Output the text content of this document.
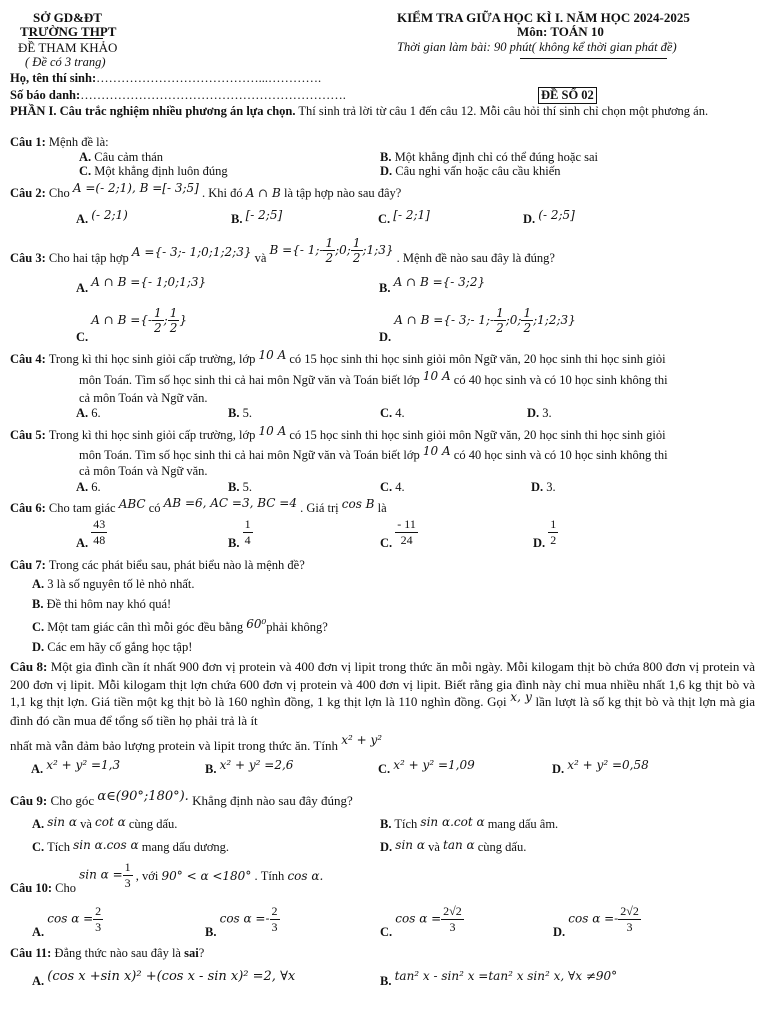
SỞ GD&ĐT
TRƯỜNG THPT
ĐỀ THAM KHẢO
( Đề có 3 trang)
KIỂM TRA GIỮA HỌC KÌ I. NĂM HỌC 2024-2025
Môn: TOÁN 10
Thời gian làm bài: 90 phút( không kể thời gian phát đề)
Họ, tên thí sinh:…………………………………...………….
Số báo danh:……………………………………………………….	ĐỀ SỐ 02
PHẦN I. Câu trắc nghiệm nhiều phương án lựa chọn. Thí sinh trả lời từ câu 1 đến câu 12. Mỗi câu hỏi thí sinh chỉ chọn một phương án.
Câu 1: Mệnh đề là:
A. Câu cảm thán	B. Một khẳng định chỉ có thể đúng hoặc sai
C. Một khẳng định luôn đúng	D. Câu nghi vấn hoặc câu cầu khiến
Câu 2: Cho A =(- 2;1), B =[- 3;5] . Khi đó A ∩ B là tập hợp nào sau đây?
A. (- 2;1)	B. [- 2;5]	C. [- 2;1]	D. (- 2;5]
Câu 3: Cho hai tập hợp A ={- 3;- 1;0;1;2;3} và B ={- 1;- $\frac{1}{2}$ ;0; $\frac{1}{2}$ ;1;3} . Mệnh đề nào sau đây là đúng?
A. A ∩ B ={- 1;0;1;3}	B. A ∩ B ={- 3;2}
C. A ∩ B ={- $\frac{1}{2}$ ; $\frac{1}{2}$ }
D. A ∩ B ={- 3;- 1;- $\frac{1}{2}$ ;0; $\frac{1}{2}$ ;1;2;3}
Câu 4: Trong kì thi học sinh giỏi cấp trường, lớp 10 A có 15 học sinh thi học sinh giỏi môn Ngữ văn, 20 học sinh thi học sinh giỏi
môn Toán. Tìm số học sinh thi cả hai môn Ngữ văn và Toán biết lớp 10 A có 40 học sinh và có 10 học sinh không thi
cả môn Toán và Ngữ văn.
A. 6.	B. 5.	C. 4.	D. 3.
Câu 5: Trong kì thi học sinh giỏi cấp trường, lớp 10 A có 15 học sinh thi học sinh giỏi môn Ngữ văn, 20 học sinh thi học sinh giỏi
môn Toán. Tìm số học sinh thi cả hai môn Ngữ văn và Toán biết lớp 10 A có 40 học sinh và có 10 học sinh không thi
cả môn Toán và Ngữ văn.
A. 6.	B. 5.	C. 4.	D. 3.
Câu 6: Cho tam giác ABC có AB =6, AC =3, BC =4 . Giá trị cos B là
A. $\frac{43}{48}$	B. $\frac{1}{4}$	C. $\frac{- 11}{24}$	D. $\frac{1}{2}$
Câu 7: Trong các phát biểu sau, phát biểu nào là mệnh đề?
A. 3 là số nguyên tố lẻ nhỏ nhất.
B. Đề thi hôm nay khó quá!
C. Một tam giác cân thì mỗi góc đều bằng 60⁰phải không?
D. Các em hãy cố gắng học tập!
Câu 8: Một gia đình cần ít nhất 900 đơn vị protein và 400 đơn vị lipit trong thức ăn mỗi ngày. Mỗi kilogam thịt bò chứa 800 đơn vị protein và 200 đơn vị lipit. Mỗi kilogam thịt lợn chứa 600 đơn vị protein và 400 đơn vị lipit. Biết rằng gia đình này chỉ mua nhiều nhất 1,6 kg thịt bò và 1,1 kg thịt lợn. Giá tiền một kg thịt bò là 160 nghìn đồng, 1 kg thịt lợn là 110 nghìn đồng. Gọi x, y lần lượt là số kg thịt bò và thịt lợn mà gia đình đó cần mua để tổng số tiền họ phải trả là ít
nhất mà vẫn đảm bảo lượng protein và lipit trong thức ăn. Tính x² + y²
A. x² + y² =1,3	B. x² + y² =2,6	C. x² + y² =1,09	D. x² + y² =0,58
Câu 9: Cho góc α∈(90°;180°). Khẳng định nào sau đây đúng?
A. sin α và cot α cùng dấu.	B. Tích sin α.cot α mang dấu âm.
C. Tích sin α.cos α mang dấu dương.	D. sin α và tan α cùng dấu.
Câu 10: Cho $\sin \alpha = \frac{1}{3}$ , với 90° < α <180° . Tính cos α.
A. $\cos \alpha = \frac{2}{3}$	B. $\cos \alpha =- \frac{2}{3}$	C. $\cos \alpha = \frac{2√2}{3}$	D. $\cos \alpha =- \frac{2√2}{3}$
Câu 11: Đẳng thức nào sau đây là sai?
A. (cos x +sin x)² +(cos x - sin x)² =2, ∀x	B. tan² x - sin² x =tan² x sin² x, ∀x ≠90°
